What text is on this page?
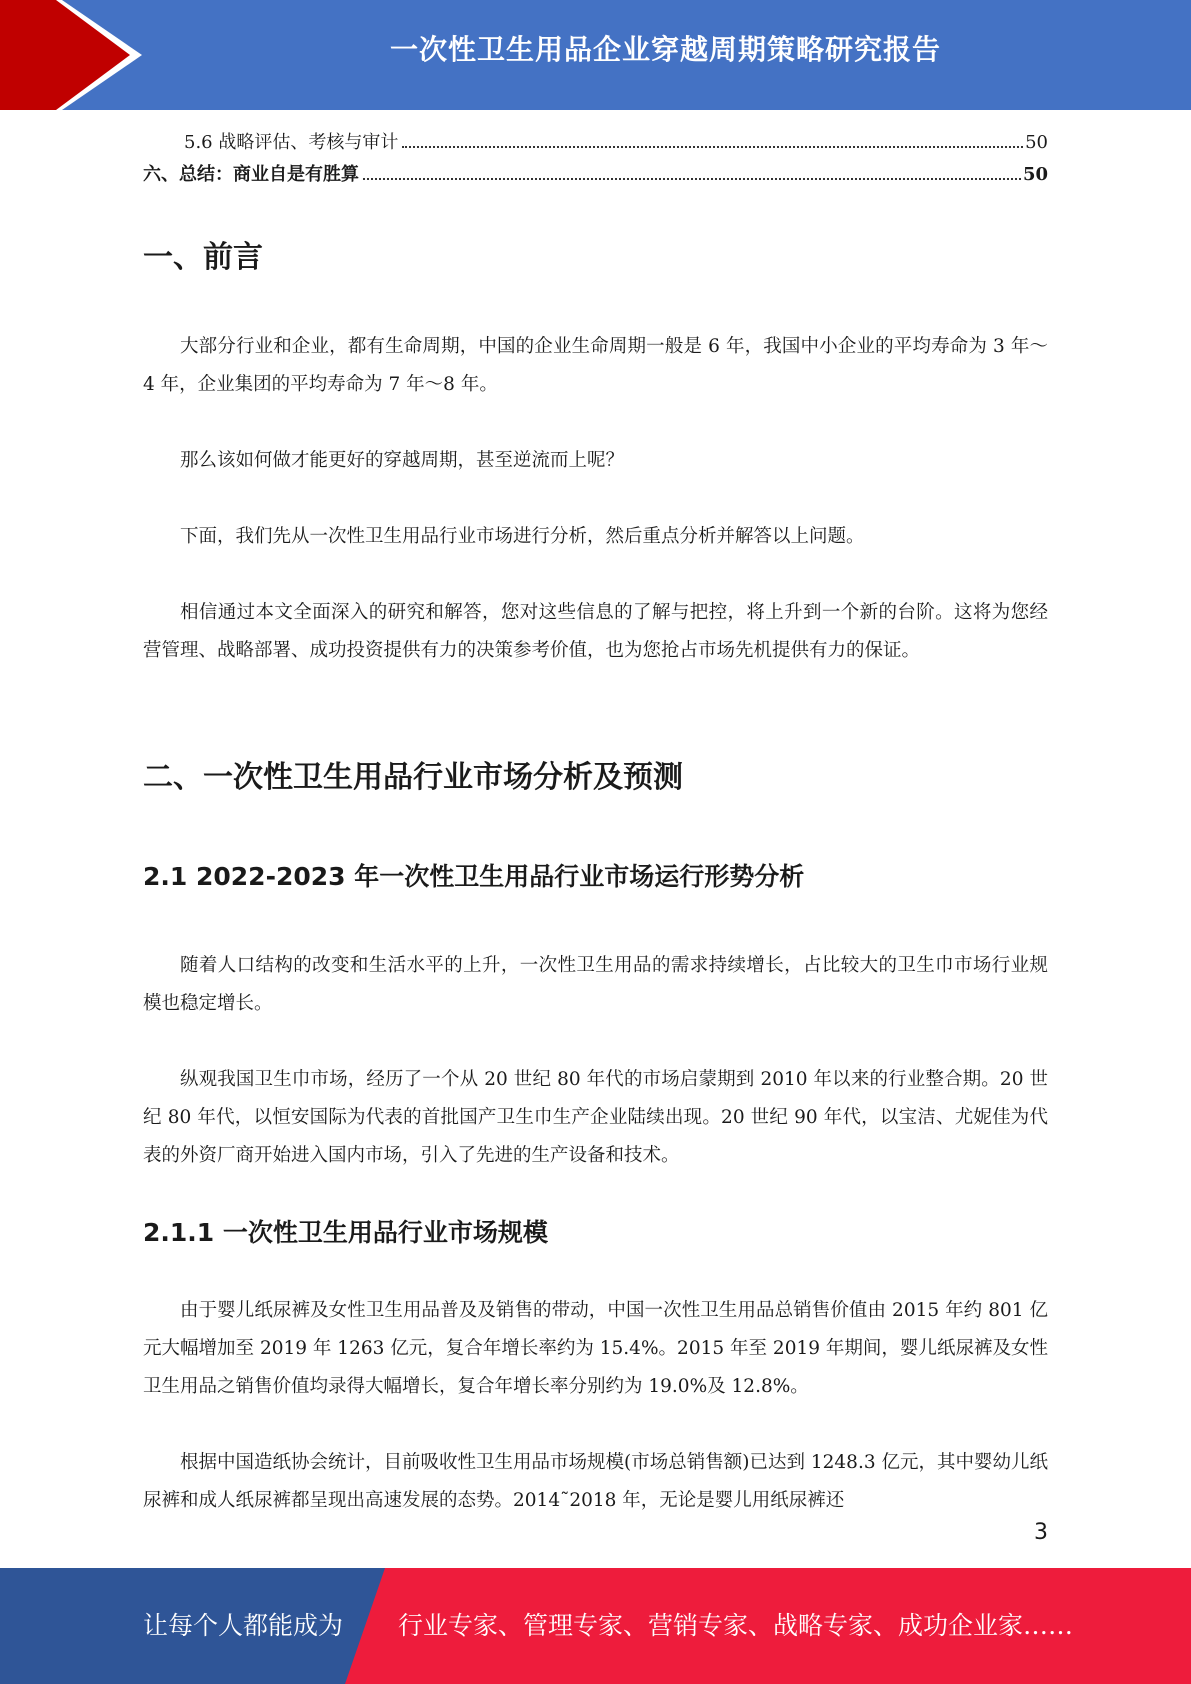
一次性卫生用品企业穿越周期策略研究报告
5.6 战略评估、考核与审计	50
六、总结：商业自是有胜算	50
一、前言

大部分行业和企业，都有生命周期，中国的企业生命周期一般是 6 年，我国中小企业的平均寿命为 3 年～4 年，企业集团的平均寿命为 7 年～8 年。

那么该如何做才能更好的穿越周期，甚至逆流而上呢？

下面，我们先从一次性卫生用品行业市场进行分析，然后重点分析并解答以上问题。

相信通过本文全面深入的研究和解答，您对这些信息的了解与把控，将上升到一个新的台阶。这将为您经营管理、战略部署、成功投资提供有力的决策参考价值，也为您抢占市场先机提供有力的保证。

二、一次性卫生用品行业市场分析及预测
2.1 2022-2023 年一次性卫生用品行业市场运行形势分析

随着人口结构的改变和生活水平的上升，一次性卫生用品的需求持续增长，占比较大的卫生巾市场行业规模也稳定增长。

纵观我国卫生巾市场，经历了一个从 20 世纪 80 年代的市场启蒙期到 2010 年以来的行业整合期。20 世纪 80 年代，以恒安国际为代表的首批国产卫生巾生产企业陆续出现。20 世纪 90 年代，以宝洁、尤妮佳为代表的外资厂商开始进入国内市场，引入了先进的生产设备和技术。

2.1.1 一次性卫生用品行业市场规模

由于婴儿纸尿裤及女性卫生用品普及及销售的带动，中国一次性卫生用品总销售价值由 2015 年约 801 亿元大幅增加至 2019 年 1263 亿元，复合年增长率约为 15.4%。2015 年至 2019 年期间，婴儿纸尿裤及女性卫生用品之销售价值均录得大幅增长，复合年增长率分别约为 19.0%及 12.8%。

根据中国造纸协会统计，目前吸收性卫生用品市场规模(市场总销售额)已达到 1248.3 亿元，其中婴幼儿纸尿裤和成人纸尿裤都呈现出高速发展的态势。2014˜2018 年，无论是婴儿用纸尿裤还

3
让每个人都能成为 行业专家、管理专家、营销专家、战略专家、成功企业家……
